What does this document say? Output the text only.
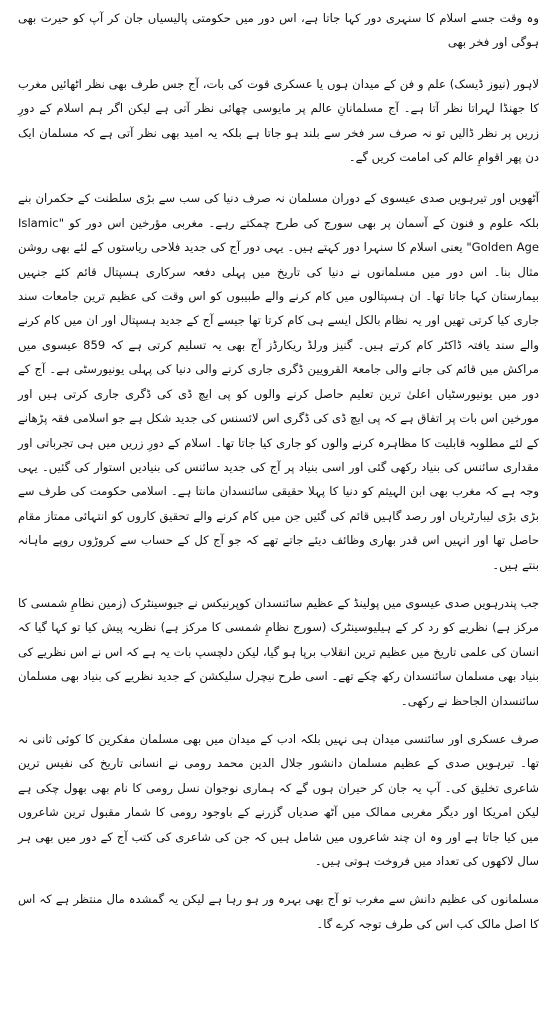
وہ وقت جسے اسلام کا سنہری دور کہا جاتا ہے، اس دور میں حکومتی پالیسیاں جان کر آپ کو حیرت بھی ہوگی اور فخر بھی

لاہور (نیوز ڈیسک) علم و فن کے میدان ہوں یا عسکری قوت کی بات، آج جس طرف بھی نظر اٹھائیں مغرب کا جھنڈا لہراتا نظر آتا ہے۔ آج مسلمانانِ عالم پر مایوسی چھائی نظر آتی ہے لیکن اگر ہم اسلام کے دورِ زریں پر نظر ڈالیں تو نہ صرف سر فخر سے بلند ہو جاتا ہے بلکہ یہ امید بھی نظر آتی ہے کہ مسلمان ایک دن پھر اقوامِ عالم کی امامت کریں گے۔

آٹھویں اور تیرہویں صدی عیسوی کے دوران مسلمان نہ صرف دنیا کی سب سے بڑی سلطنت کے حکمران بنے بلکہ علوم و فنون کے آسمان پر بھی سورج کی طرح چمکتے رہے۔ مغربی مؤرخین اس دور کو "Islamic Golden Age" یعنی اسلام کا سنہرا دور کہتے ہیں۔ یہی دور آج کی جدید فلاحی ریاستوں کے لئے بھی روشن مثال بنا۔ اس دور میں مسلمانوں نے دنیا کی تاریخ میں پہلی دفعہ سرکاری ہسپتال قائم کئے جنہیں بیمارستان کہا جاتا تھا۔ ان ہسپتالوں میں کام کرنے والے طبیبوں کو اس وقت کی عظیم ترین جامعات سند جاری کیا کرتی تھیں اور یہ نظام بالکل ایسے ہی کام کرتا تھا جیسے آج کے جدید ہسپتال اور ان میں کام کرنے والے سند یافتہ ڈاکٹر کام کرتے ہیں۔ گنیز ورلڈ ریکارڈز آج بھی یہ تسلیم کرتی ہے کہ 859 عیسوی میں مراکش میں قائم کی جانے والی جامعۃ القرویین ڈگری جاری کرنے والی دنیا کی پہلی یونیورسٹی ہے۔ آج کے دور میں یونیورسٹیاں اعلیٰ ترین تعلیم حاصل کرنے والوں کو پی ایچ ڈی کی ڈگری جاری کرتی ہیں اور مورخین اس بات پر اتفاق ہے کہ پی ایچ ڈی کی ڈگری اس لائسنس کی جدید شکل ہے جو اسلامی فقہ پڑھانے کے لئے مطلوبہ قابلیت کا مظاہرہ کرنے والوں کو جاری کیا جاتا تھا۔ اسلام کے دورِ زریں میں ہی تجرباتی اور مقداری سائنس کی بنیاد رکھی گئی اور اسی بنیاد پر آج کی جدید سائنس کی بنیادیں استوار کی گئیں۔ یہی وجہ ہے کہ مغرب بھی ابن الہیثم کو دنیا کا پہلا حقیقی سائنسدان مانتا ہے۔ اسلامی حکومت کی طرف سے بڑی بڑی لیبارٹریاں اور رصد گاہیں قائم کی گئیں جن میں کام کرنے والے تحقیق کاروں کو انتہائی ممتاز مقام حاصل تھا اور انہیں اس قدر بھاری وظائف دیئے جاتے تھے کہ جو آج کل کے حساب سے کروڑوں روپے ماہانہ بنتے ہیں۔

جب پندرہویں صدی عیسوی میں پولینڈ کے عظیم سائنسدان کوپرنیکس نے جیوسینٹرک (زمین نظامِ شمسی کا مرکز ہے) نظریے کو رد کر کے ہیلیوسینٹرک (سورج نظامِ شمسی کا مرکز ہے) نظریہ پیش کیا تو کہا گیا کہ انسان کی علمی تاریخ میں عظیم ترین انقلاب برپا ہو گیا، لیکن دلچسپ بات یہ ہے کہ اس نے اس نظریے کی بنیاد بھی مسلمان سائنسدان رکھ چکے تھے۔ اسی طرح نیچرل سلیکشن کے جدید نظریے کی بنیاد بھی مسلمان سائنسدان الجاحظ نے رکھی۔

صرف عسکری اور سائنسی میدان ہی نہیں بلکہ ادب کے میدان میں بھی مسلمان مفکرین کا کوئی ثانی نہ تھا۔ تیرہویں صدی کے عظیم مسلمان دانشور جلال الدین محمد رومی نے انسانی تاریخ کی نفیس ترین شاعری تخلیق کی۔ آپ یہ جان کر حیران ہوں گے کہ ہماری نوجوان نسل رومی کا نام بھی بھول چکی ہے لیکن امریکا اور دیگر مغربی ممالک میں آٹھ صدیاں گزرنے کے باوجود رومی کا شمار مقبول ترین شاعروں میں کیا جاتا ہے اور وہ ان چند شاعروں میں شامل ہیں کہ جن کی شاعری کی کتب آج کے دور میں بھی ہر سال لاکھوں کی تعداد میں فروخت ہوتی ہیں۔

مسلمانوں کی عظیم دانش سے مغرب تو آج بھی بہرہ ور ہو رہا ہے لیکن یہ گمشدہ مال منتظر ہے کہ اس کا اصل مالک کب اس کی طرف توجہ کرے گا۔
